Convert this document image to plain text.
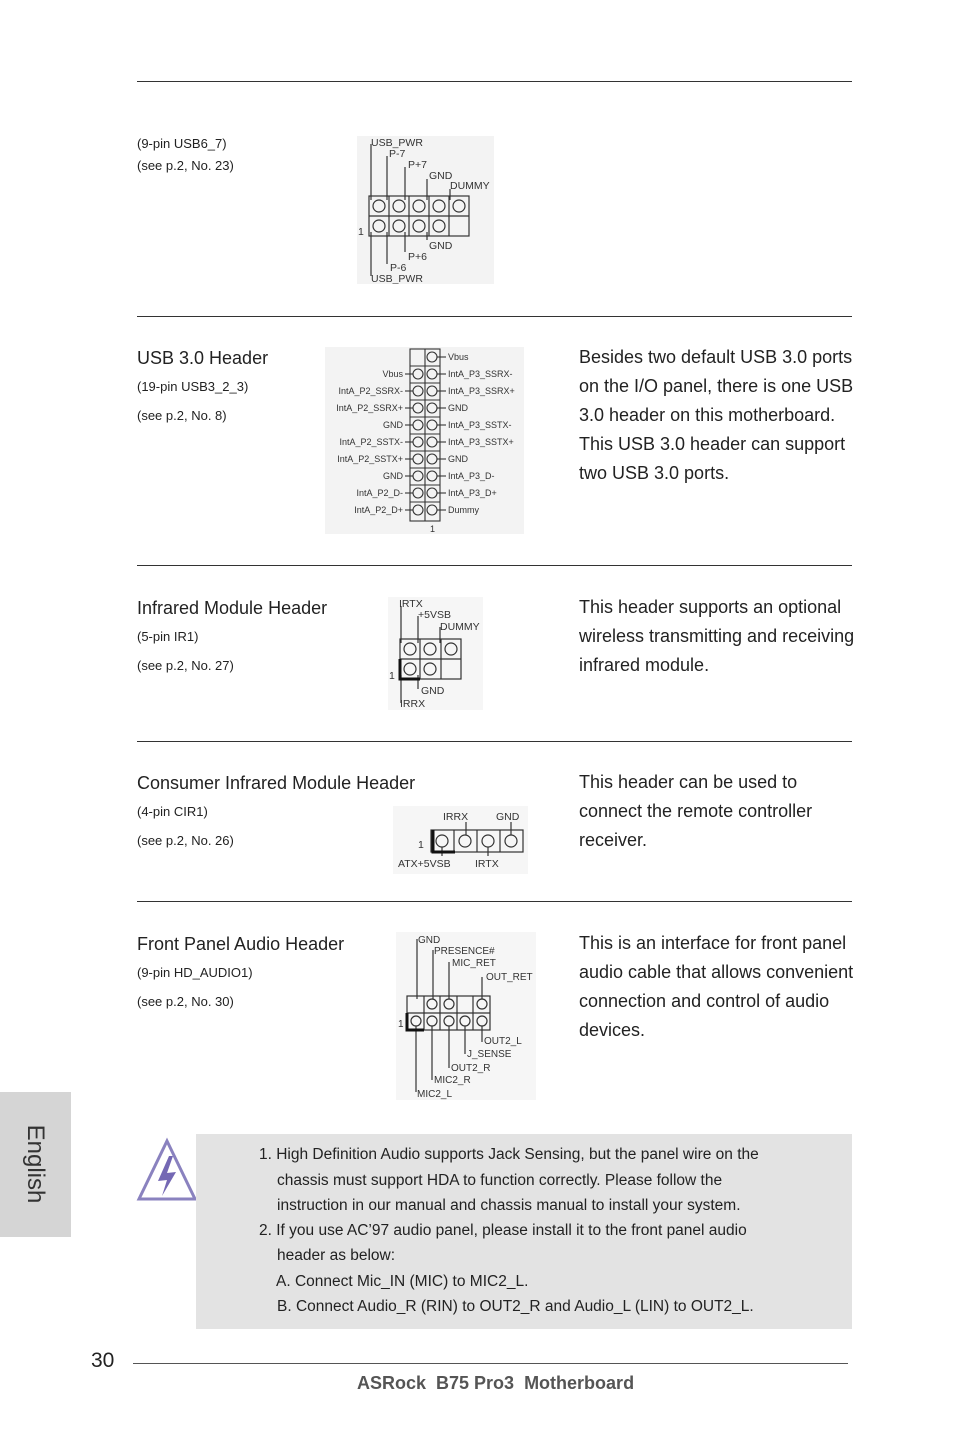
(9-pin USB6_7)
(see p.2, No. 23)
USB_PWR
P-7
P+7
GND
DUMMY
GND
P+6
P-6
USB_PWR
1
USB 3.0 Header
(19-pin USB3_2_3)
(see p.2, No. 8)
Vbus
IntA_P2_SSRX-
IntA_P2_SSRX+
GND
IntA_P2_SSTX-
IntA_P2_SSTX+
GND
IntA_P2_D-
IntA_P2_D+
Vbus
IntA_P3_SSRX-
IntA_P3_SSRX+
GND
IntA_P3_SSTX-
IntA_P3_SSTX+
GND
IntA_P3_D-
IntA_P3_D+
Dummy
1
Besides two default USB 3.0 ports on the I/O panel, there is one USB 3.0 header on this motherboard. This USB 3.0 header can support two USB 3.0 ports.
Infrared Module Header
(5-pin IR1)
(see p.2, No. 27)
IRTX
+5VSB
DUMMY
GND
IRRX
1
This header supports an optional wireless transmitting and receiving infrared module.
Consumer Infrared Module Header
(4-pin CIR1)
(see p.2, No. 26)
IRRX	GND
ATX+5VSB IRTX
1
This header can be used to connect the remote controller receiver.
Front Panel Audio Header
(9-pin HD_AUDIO1)
(see p.2, No. 30)
GND
PRESENCE#
MIC_RET
OUT_RET
OUT2_L
J_SENSE
OUT2_R
MIC2_R
MIC2_L
1
This is an interface for front panel audio cable that allows convenient connection and control of audio devices.
1. High Definition Audio supports Jack Sensing, but the panel wire on the
chassis must support HDA to function correctly. Please follow the
instruction in our manual and chassis manual to install your system.
2. If you use AC’97 audio panel, please install it to the front panel audio
header as below:
A. Connect Mic_IN (MIC) to MIC2_L.
B. Connect Audio_R (RIN) to OUT2_R and Audio_L (LIN) to OUT2_L.
English
30
ASRock  B75 Pro3  Motherboard
